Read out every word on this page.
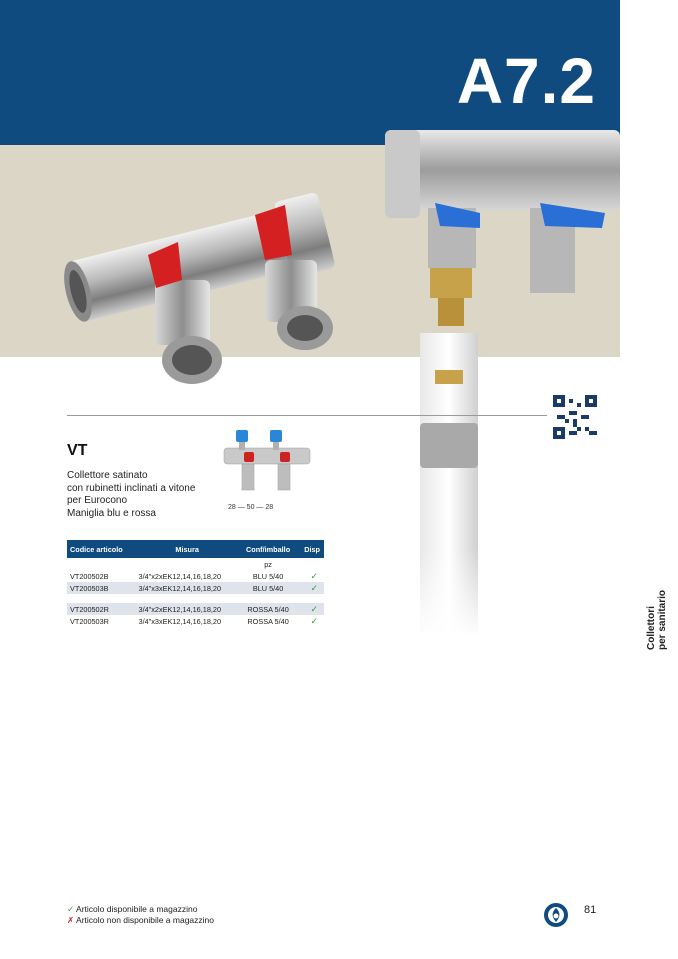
A7.2
Collettori per sanitario
VT
Collettore satinato
con rubinetti inclinati a vitone
per Eurocono
Maniglia blu e rossa	28 — 50 — 28
Codice articolo	Misura	Conf/imballo	Disp
		pz	
VT200502B	3/4"x2xEK12,14,16,18,20	BLU 5/40	✓
VT200503B	3/4"x3xEK12,14,16,18,20	BLU 5/40	✓

VT200502R	3/4"x2xEK12,14,16,18,20	ROSSA 5/40	✓
VT200503R	3/4"x3xEK12,14,16,18,20	ROSSA 5/40	✓
✓ Articolo disponibile a magazzino
✗ Articolo non disponibile a magazzino
81
